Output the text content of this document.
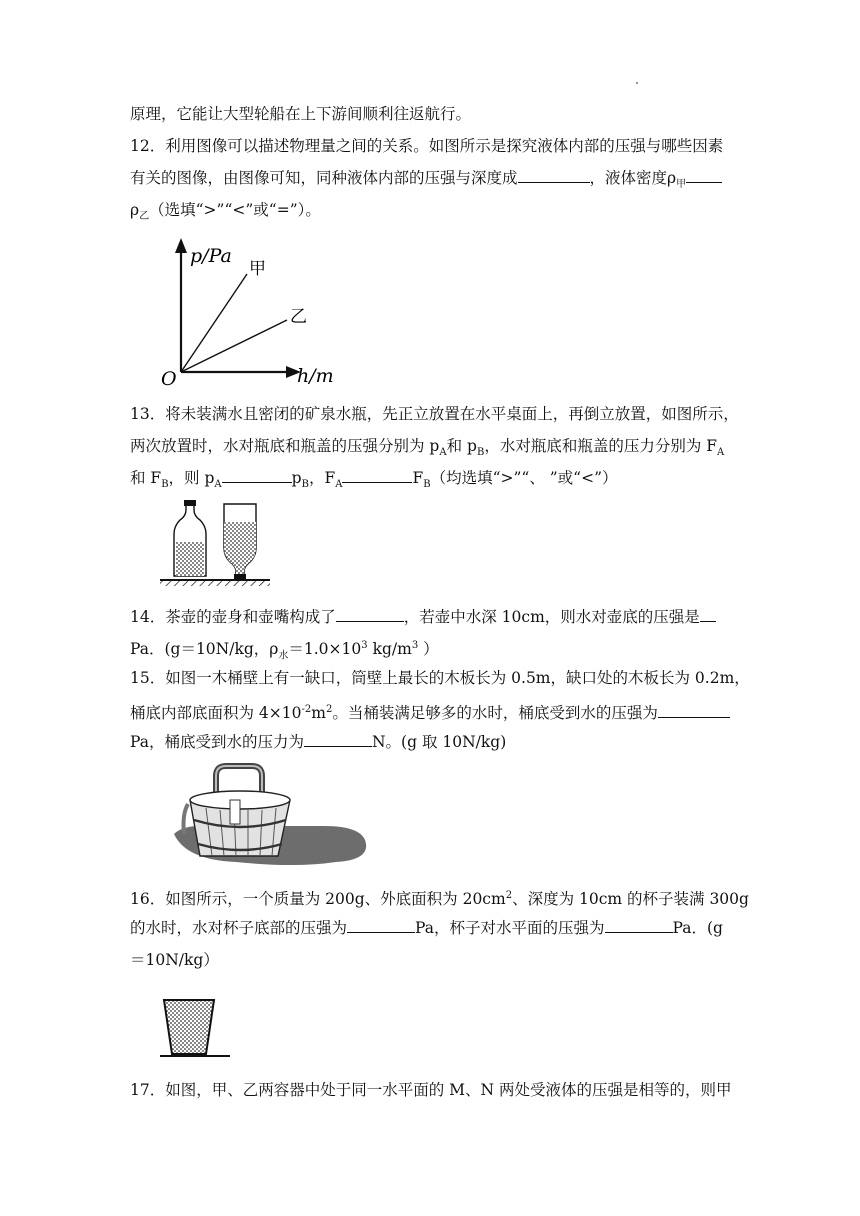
原理，它能让大型轮船在上下游间顺利往返航行。
12．利用图像可以描述物理量之间的关系。如图所示是探究液体内部的压强与哪些因素
有关的图像，由图像可知，同种液体内部的压强与深度成	，液体密度$\rho_甲$
$\rho_乙$（选填“>”“<”或“=”）。
p/Pa
h/m
O
甲
乙
13．将未装满水且密闭的矿泉水瓶，先正立放置在水平桌面上，再倒立放置，如图所示，
两次放置时，水对瓶底和瓶盖的压强分别为 $p_A$和 $p_B$，水对瓶底和瓶盖的压力分别为 $F_A$
和 $F_B$，则 $p_A$	$p_B$，$F_A$	$F_B$（均选填“>”“、 ”或“<”）
14．茶壶的壶身和壶嘴构成了	，若壶中水深 10cm，则水对壶底的压强是
Pa．(g＝10N/kg，$\rho_水=1.0\times 10^3$ $kg/m^3$ ）
15．如图一木桶壁上有一缺口，筒壁上最长的木板长为 0.5m，缺口处的木板长为 0.2m，
桶底内部底面积为 $4\times 10^{-2}m^2$。当桶装满足够多的水时，桶底受到水的压强为
Pa，桶底受到水的压力为	N。(g 取 10N/kg)
16．如图所示，一个质量为 200g、外底面积为 $20cm^2$、深度为 10cm 的杯子装满 300g
的水时，水对杯子底部的压强为	Pa，杯子对水平面的压强为	Pa．(g
＝10N/kg）
17．如图，甲、乙两容器中处于同一水平面的 M、N 两处受液体的压强是相等的，则甲
